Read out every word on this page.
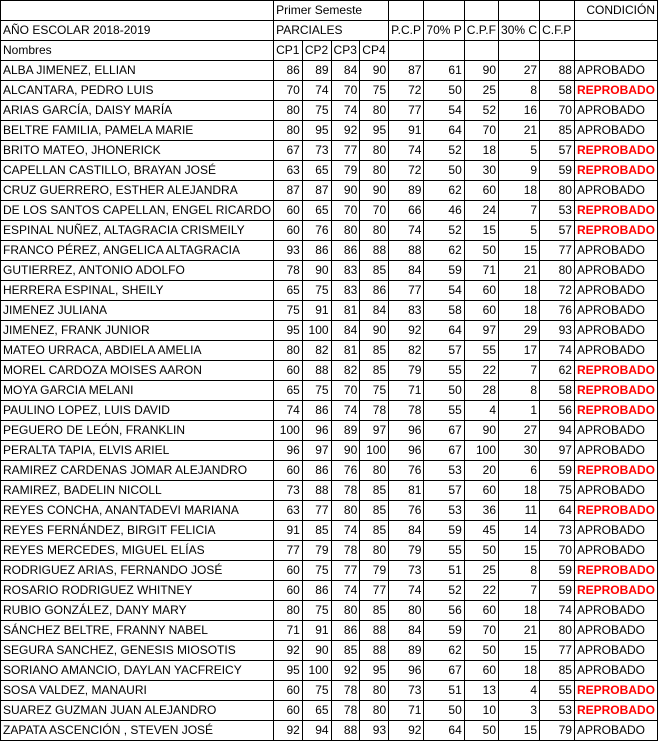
	Primer Semeste									CONDICIÓN
AÑO ESCOLAR 2018-2019	PARCIALES				P.C.P	70% P	C.P.F	30% C	C.F.P	
Nombres	CP1	CP2	CP3	CP4						
ALBA JIMENEZ, ELLIAN	86	89	84	90	87	61	90	27	88	APROBADO
ALCANTARA, PEDRO LUIS	70	74	70	75	72	50	25	8	58	REPROBADO
ARIAS GARCÍA, DAISY MARÍA	80	75	74	80	77	54	52	16	70	APROBADO
BELTRE FAMILIA, PAMELA MARIE	80	95	92	95	91	64	70	21	85	APROBADO
BRITO MATEO, JHONERICK	67	73	77	80	74	52	18	5	57	REPROBADO
CAPELLAN CASTILLO, BRAYAN JOSÉ	63	65	79	80	72	50	30	9	59	REPROBADO
CRUZ GUERRERO, ESTHER ALEJANDRA	87	87	90	90	89	62	60	18	80	APROBADO
DE LOS SANTOS CAPELLAN, ENGEL RICARDO	60	65	70	70	66	46	24	7	53	REPROBADO
ESPINAL NUÑEZ, ALTAGRACIA CRISMEILY	60	76	80	80	74	52	15	5	57	REPROBADO
FRANCO PÉREZ, ANGELICA ALTAGRACIA	93	86	86	88	88	62	50	15	77	APROBADO
GUTIERREZ, ANTONIO ADOLFO	78	90	83	85	84	59	71	21	80	APROBADO
HERRERA ESPINAL, SHEILY	65	75	83	86	77	54	60	18	72	APROBADO
JIMENEZ JULIANA	75	91	81	84	83	58	60	18	76	APROBADO
JIMENEZ, FRANK JUNIOR	95	100	84	90	92	64	97	29	93	APROBADO
MATEO URRACA, ABDIELA AMELIA	80	82	81	85	82	57	55	17	74	APROBADO
MOREL CARDOZA MOISES AARON	60	88	82	85	79	55	22	7	62	REPROBADO
MOYA GARCIA MELANI	65	75	70	75	71	50	28	8	58	REPROBADO
PAULINO LOPEZ, LUIS DAVID	74	86	74	78	78	55	4	1	56	REPROBADO
PEGUERO DE LEÓN, FRANKLIN	100	96	89	97	96	67	90	27	94	APROBADO
PERALTA TAPIA, ELVIS ARIEL	96	97	90	100	96	67	100	30	97	APROBADO
RAMIREZ CARDENAS JOMAR ALEJANDRO	60	86	76	80	76	53	20	6	59	REPROBADO
RAMIREZ, BADELIN NICOLL	73	88	78	85	81	57	60	18	75	APROBADO
REYES CONCHA, ANANTADEVI MARIANA	63	77	80	85	76	53	36	11	64	REPROBADO
REYES FERNÁNDEZ, BIRGIT FELICIA	91	85	74	85	84	59	45	14	73	APROBADO
REYES MERCEDES, MIGUEL ELÍAS	77	79	78	80	79	55	50	15	70	APROBADO
RODRIGUEZ ARIAS, FERNANDO JOSÉ	60	75	77	79	73	51	25	8	59	REPROBADO
ROSARIO RODRIGUEZ WHITNEY	60	86	74	77	74	52	22	7	59	REPROBADO
RUBIO GONZÁLEZ, DANY MARY	80	75	80	85	80	56	60	18	74	APROBADO
SÁNCHEZ BELTRE, FRANNY NABEL	71	91	86	88	84	59	70	21	80	APROBADO
SEGURA SANCHEZ, GENESIS MIOSOTIS	92	90	85	88	89	62	50	15	77	APROBADO
SORIANO AMANCIO, DAYLAN YACFREICY	95	100	92	95	96	67	60	18	85	APROBADO
SOSA VALDEZ, MANAURI	60	75	78	80	73	51	13	4	55	REPROBADO
SUAREZ GUZMAN JUAN ALEJANDRO	60	65	78	80	71	50	10	3	53	REPROBADO
ZAPATA ASCENCIÓN , STEVEN JOSÉ	92	94	88	93	92	64	50	15	79	APROBADO
